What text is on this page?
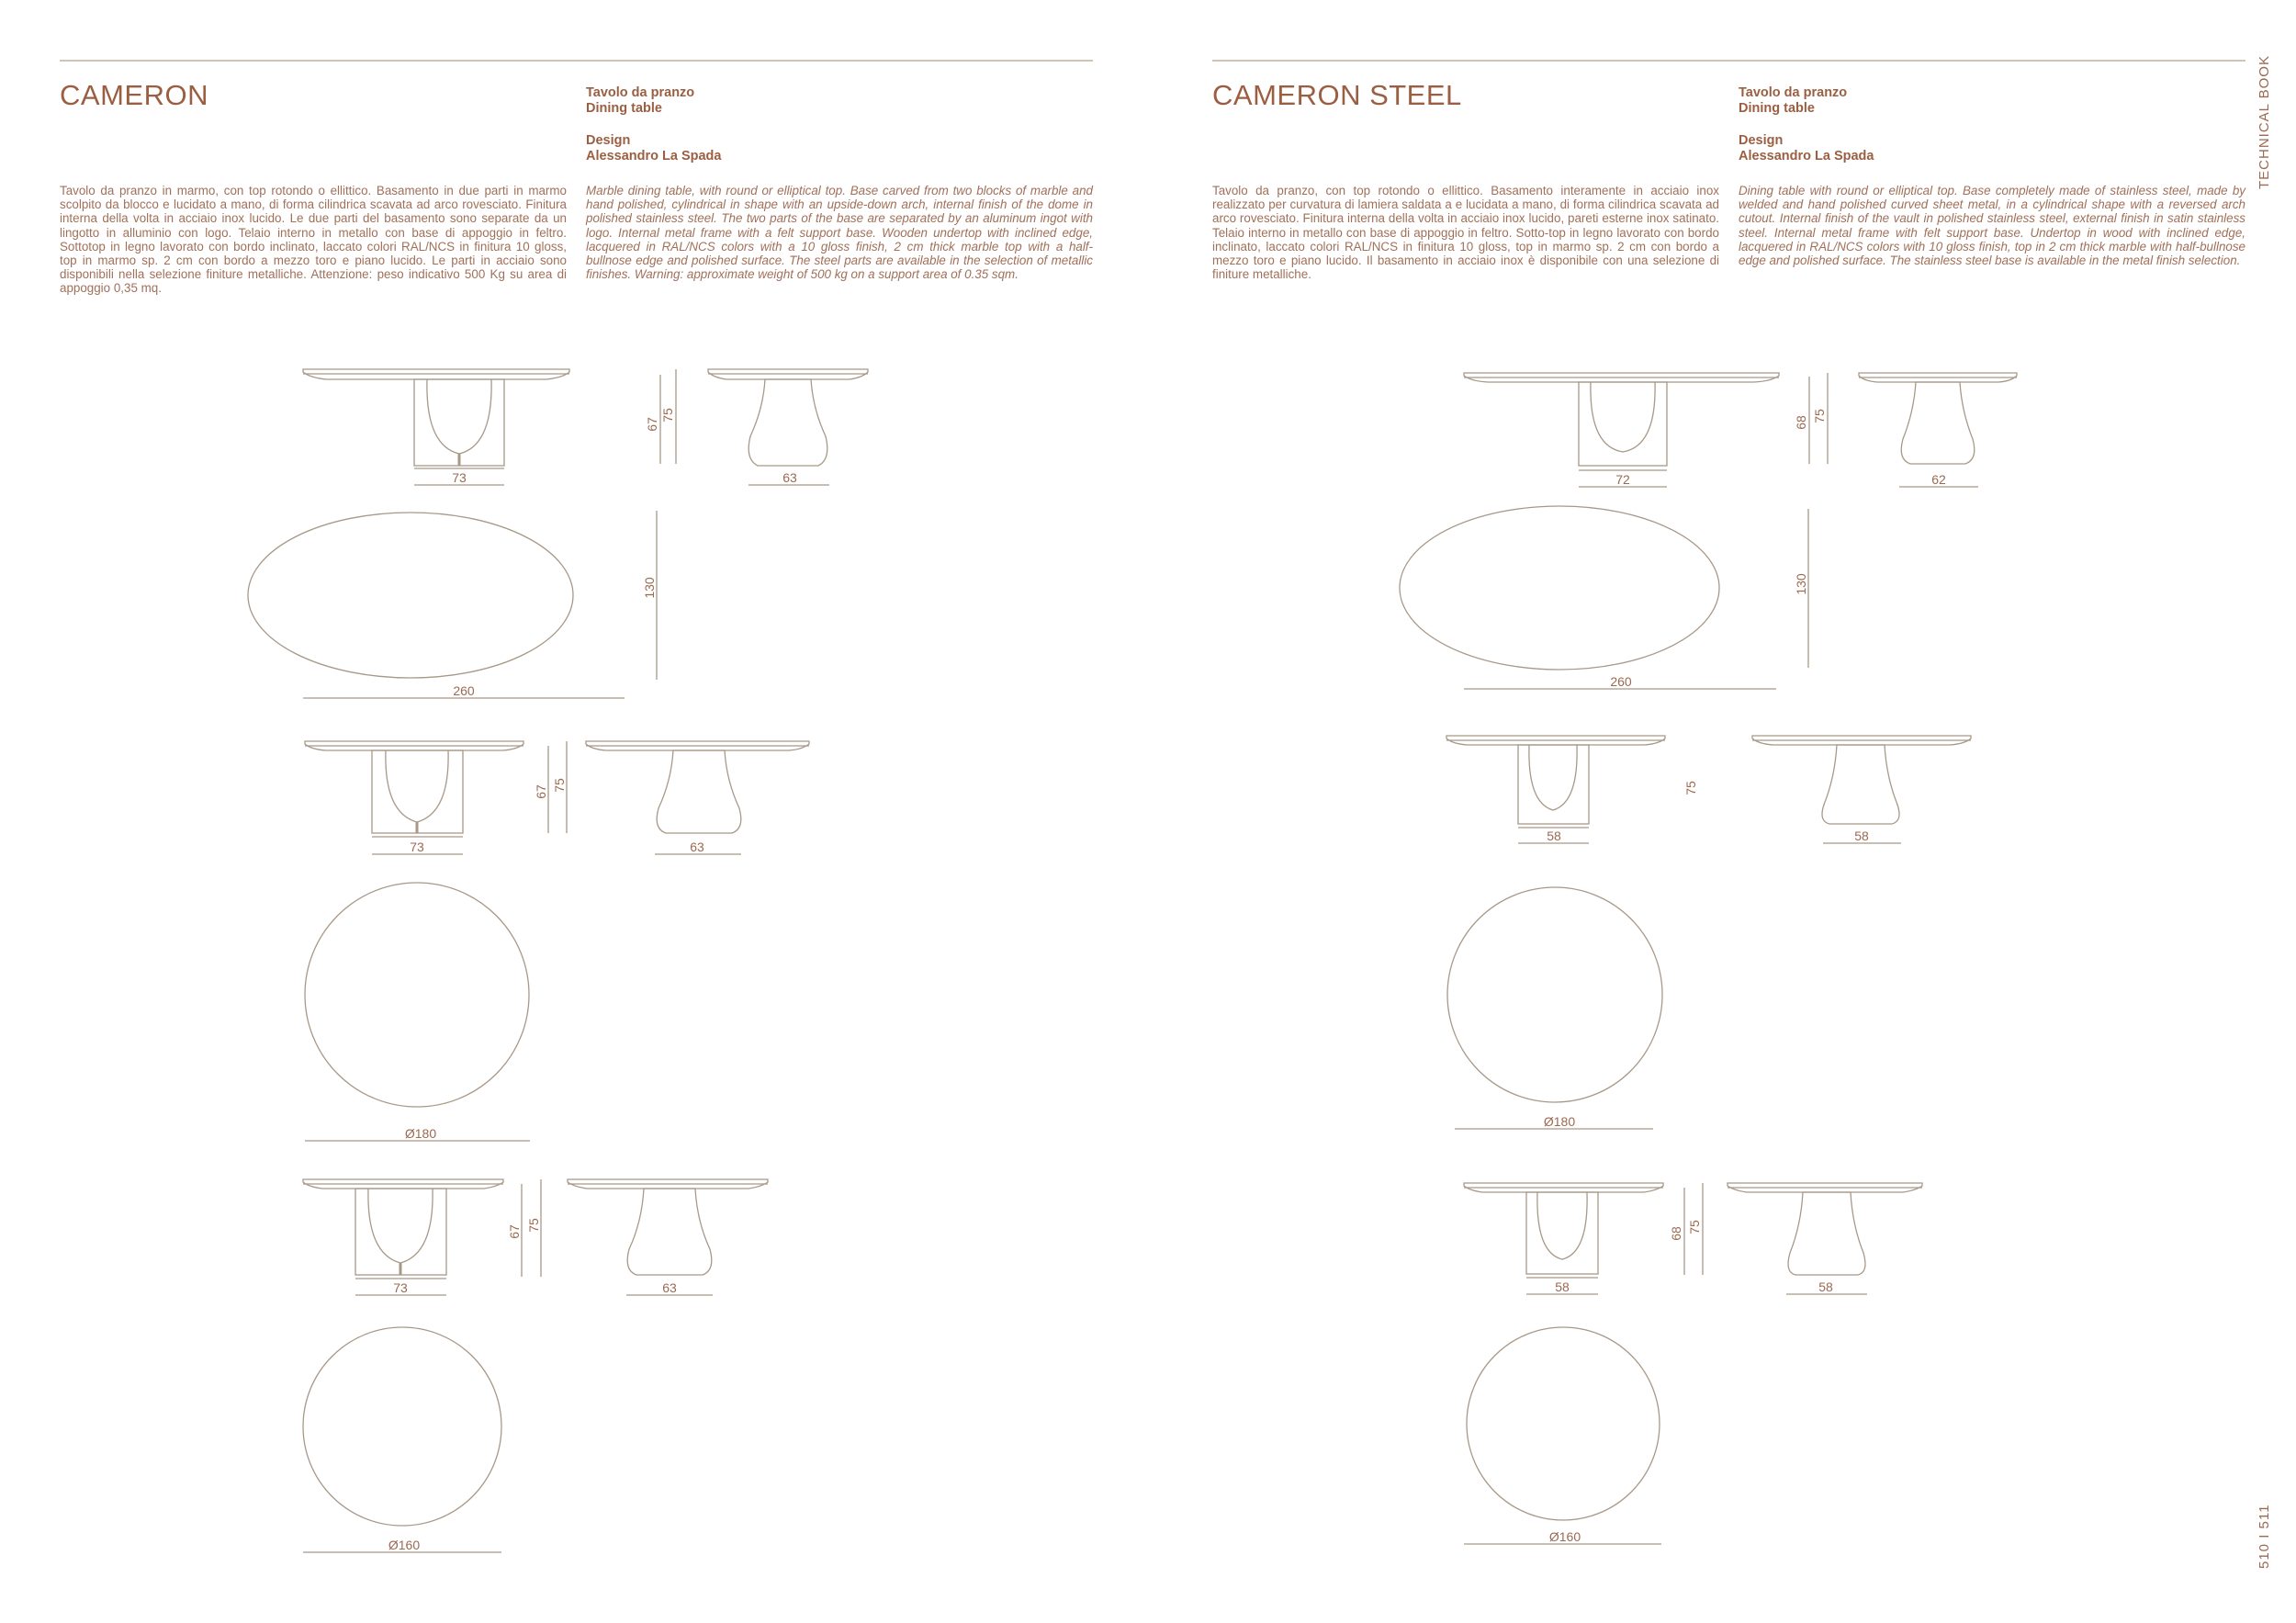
CAMERON	Tavolo da pranzo
Dining table
Design
Alessandro La Spada
Tavolo da pranzo in marmo, con top rotondo o ellittico. Basamento in due parti in marmo scolpito da blocco e lucidato a mano, di forma cilindrica scavata ad arco rovesciato. Finitura interna della volta in acciaio inox lucido. Le due parti del basamento sono separate da un lingotto in alluminio con logo. Telaio interno in metallo con base di appoggio in feltro. Sottotop in legno lavorato con bordo inclinato, laccato colori RAL/NCS in finitura 10 gloss, top in marmo sp. 2 cm con bordo a mezzo toro e piano lucido. Le parti in acciaio sono disponibili nella selezione finiture metalliche. Attenzione: peso indicativo 500 Kg su area di appoggio 0,35 mq.
Marble dining table, with round or elliptical top. Base carved from two blocks of marble and hand polished, cylindrical in shape with an upside-down arch, internal finish of the dome in polished stainless steel. The two parts of the base are separated by an aluminum ingot with logo. Internal metal frame with a felt support base. Wooden undertop with inclined edge, lacquered in RAL/NCS colors with a 10 gloss finish, 2 cm thick marble top with a half-bullnose edge and polished surface. The steel parts are available in the selection of metallic finishes. Warning: approximate weight of 500 kg on a support area of 0.35 sqm.
73
67
75
63
260
130
73
67 75
63
Ø180
73
67 75
63
Ø160
CAMERON STEEL	Tavolo da pranzo
Dining table
Design
Alessandro La Spada
Tavolo da pranzo, con top rotondo o ellittico. Basamento interamente in acciaio inox realizzato per curvatura di lamiera saldata a e lucidata a mano, di forma cilindrica scavata ad arco rovesciato. Finitura interna della volta in acciaio inox lucido, pareti esterne inox satinato. Telaio interno in metallo con base di appoggio in feltro. Sotto-top in legno lavorato con bordo inclinato, laccato colori RAL/NCS in finitura 10 gloss, top in marmo sp. 2 cm con bordo a mezzo toro e piano lucido. Il basamento in acciaio inox è disponibile con una selezione di finiture metalliche.
Dining table with round or elliptical top. Base completely made of stainless steel, made by welded and hand polished curved sheet metal, in a cylindrical shape with a reversed arch cutout. Internal finish of the vault in polished stainless steel, external finish in satin stainless steel. Internal metal frame with felt support base. Undertop in wood with inclined edge, lacquered in RAL/NCS colors with 10 gloss finish, top in 2 cm thick marble with half-bullnose edge and polished surface. The stainless steel base is available in the metal finish selection.
72
68 75
62
260
130
58
75
58
Ø180
58
68 75
58
Ø160
TECHNICAL BOOK
510 I 511
